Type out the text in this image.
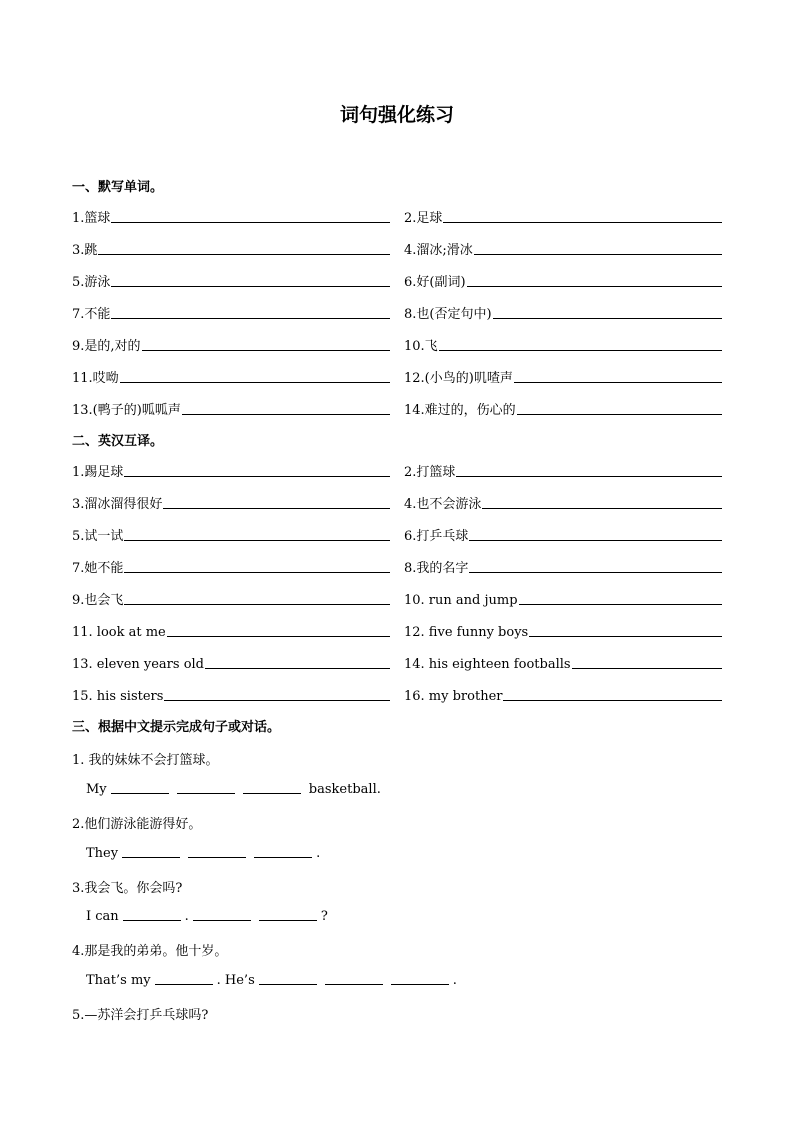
词句强化练习
一、默写单词。
1.篮球	2.足球
3.跳	4.溜冰;滑冰
5.游泳	6.好(副词)
7.不能	8.也(否定句中)
9.是的,对的	10.飞
11.哎呦	12.(小鸟的)叽喳声
13.(鸭子的)呱呱声	14.难过的，伤心的
二、英汉互译。
1.踢足球	2.打篮球
3.溜冰溜得很好	4.也不会游泳
5.试一试	6.打乒乓球
7.她不能	8.我的名字
9.也会飞	10. run and jump
11. look at me	12. five funny boys
13. eleven years old	14. his eighteen footballs
15. his sisters	16. my brother
三、根据中文提示完成句子或对话。
1. 我的妹妹不会打篮球。
My	basketball.
2.他们游泳能游得好。
They	.
3.我会飞。你会吗?
I can	.	?
4.那是我的弟弟。他十岁。
That’s my	. He’s	.
5.—苏洋会打乒乓球吗?
